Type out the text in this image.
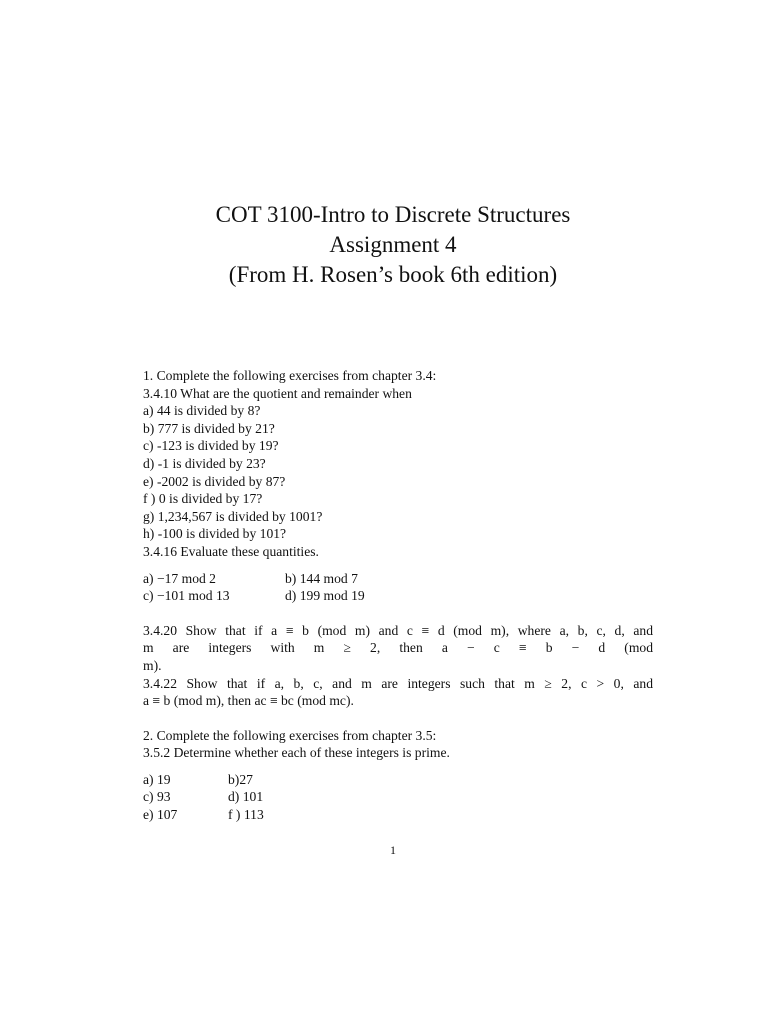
COT 3100-Intro to Discrete Structures
Assignment 4
(From H. Rosen’s book 6th edition)
1. Complete the following exercises from chapter 3.4:
3.4.10 What are the quotient and remainder when
a) 44 is divided by 8?
b) 777 is divided by 21?
c) -123 is divided by 19?
d) -1 is divided by 23?
e) -2002 is divided by 87?
f ) 0 is divided by 17?
g) 1,234,567 is divided by 1001?
h) -100 is divided by 101?
3.4.16 Evaluate these quantities.
a) −17 mod 2	b) 144 mod 7
c) −101 mod 13	d) 199 mod 19
3.4.20 Show that if a ≡ b (mod m) and c ≡ d (mod m), where a, b, c, d, and
m are integers with m ≥ 2, then a − c ≡ b − d (mod
m).
3.4.22 Show that if a, b, c, and m are integers such that m ≥ 2, c > 0, and
a ≡ b (mod m), then ac ≡ bc (mod mc).
2. Complete the following exercises from chapter 3.5:
3.5.2 Determine whether each of these integers is prime.
a) 19	b)27
c) 93	d) 101
e) 107	f ) 113
1
